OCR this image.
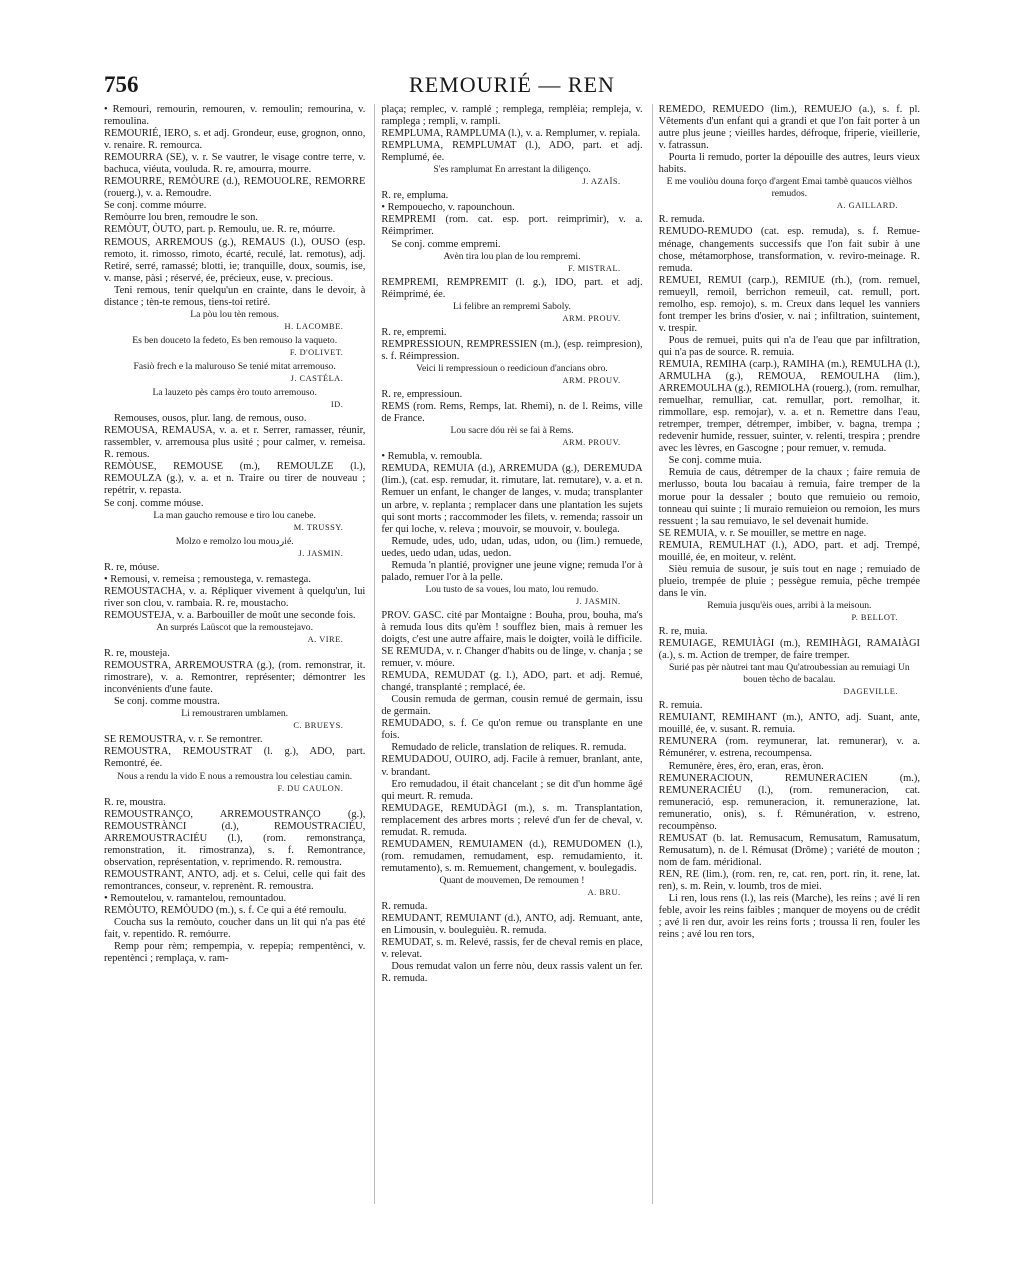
756	REMOURIÉ — REN

• Remouri, remourin, remouren, v. remoulin; remourina, v. remoulina.

REMOURIÉ, IERO, s. et adj. Grondeur, euse, grognon, onno, v. renaire. R. remourca.

REMOURRA (SE), v. r. Se vautrer, le visage contre terre, v. bachuca, viéuta, vouluda. R. re, amourra, mourre.

REMOURRE, REMÒURE (d.), REMOUOLRE, REMORRE (rouerg.), v. a. Remoudre.

Se conj. comme móurre.

Remòurre lou bren, remoudre le son.

REMÒUT, ÒUTO, part. p. Remoulu, ue. R. re, móurre.

REMOUS, ARREMOUS (g.), REMAUS (l.), OUSO (esp. remoto, it. rimosso, rimoto, écarté, reculé, lat. remotus), adj. Retiré, serré, ramassé; blotti, ie; tranquille, doux, soumis, ise, v. manse, pàsi ; réservé, ée, précieux, euse, v. precious.

Teni remous, tenir quelqu'un en crainte, dans le devoir, à distance ; tèn-te remous, tiens-toi retiré.

La pòu lou tèn remous.
H. LACOMBE.
Es ben douceto la fedeto, Es ben remouso la vaqueto.
F. D'OLIVET.
Fasiò frech e la malurouso Se tenié mitat arremouso.
J. CASTÉLA.
La lauzeto pès camps èro touto arremouso.
ID.

Remouses, ousos, plur. lang. de remous, ouso.

REMOUSA, REMAUSA, v. a. et r. Serrer, ramasser, réunir, rassembler, v. arremousa plus usité ; pour calmer, v. remeisa. R. remous.

REMÒUSE, REMOUSE (m.), REMOULZE (l.), REMOULZA (g.), v. a. et n. Traire ou tirer de nouveau ; repétrir, v. repasta.

Se conj. comme móuse.

La man gaucho remouse e tiro lou canebe.
M. TRUSSY.
Molzo e remolzo lou mouردié.
J. JASMIN.

R. re, móuse.

• Remousi, v. remeisa ; remoustega, v. remastega.

REMOUSTACHA, v. a. Répliquer vivement à quelqu'un, lui river son clou, v. rambaia. R. re, moustacho.

REMOUSTEJA, v. a. Barbouiller de moût une seconde fois.

An surprés Laüscot que la remoustejavo.
A. VIRE.

R. re, moustejа.

REMOUSTRA, ARREMOUSTRA (g.), (rom. remonstrar, it. rimostrare), v. a. Remontrer, représenter; démontrer les inconvénients d'une faute.

Se conj. comme moustra.

Li remoustraren umblamen.
C. BRUEYS.

SE REMOUSTRA, v. r. Se remontrer.

REMOUSTRA, REMOUSTRAT (l. g.), ADO, part. Remontré, ée.

Nous a rendu la vido E nous a remoustra lou celestiau camin.
F. DU CAULON.

R. re, moustra.

REMOUSTRANÇO, ARREMOUSTRANÇO (g.), REMOUSTRÀNCI (d.), REMOUSTRACIÉU, ARREMOUSTRACIÉU (l.), (rom. remonstrança, remonstration, it. rimostranza), s. f. Remontrance, observation, représentation, v. reprimendo. R. remoustra.

REMOUSTRANT, ANTO, adj. et s. Celui, celle qui fait des remontrances, conseur, v. reprenènt. R. remoustra.

• Remoutelou, v. ramantelou, remountadou.

REMÒUTO, REMÒUDO (m.), s. f. Ce qui a été remoulu.

Coucha sus la remòuto, coucher dans un lit qui n'a pas été fait, v. repentido. R. remóurre.

Remp pour rèm; rempempia, v. repepia; rempentènci, v. repentènci ; remplaça, v. ram-

plaça; remplec, v. ramplé ; remplega, remplèia; rempleja, v. ramplega ; rempli, v. rampli.

REMPLUMA, RAMPLUMA (l.), v. a. Remplumer, v. repiala.

REMPLUMA, REMPLUMAT (l.), ADO, part. et adj. Remplumé, ée.

S'es ramplumat En arrestant la diligenço.
J. AZAÏS.

R. re, empluma.

• Rempouecho, v. rapounchoun.

REMPREMI (rom. cat. esp. port. reimprimir), v. a. Réimprimer.

Se conj. comme empremi.

Avèn tira lou plan de lou rempremi.
F. MISTRAL.

REMPREMI, REMPREMIT (l. g.), IDO, part. et adj. Réimprimé, ée.

Li felibre an rempremi Saboly.
ARM. PROUV.

R. re, empremi.

REMPRESSIOUN, REMPRESSIEN (m.), (esp. reimpresion), s. f. Réimpression.

Veici li rempressioun o reedicioun d'ancians obro.
ARM. PROUV.

R. re, empressioun.

REMS (rom. Rems, Remps, lat. Rhemi), n. de l. Reims, ville de France.

Lou sacre dóu rèi se fai à Rems.
ARM. PROUV.

• Remubla, v. remoubla.

REMUDA, REMUIA (d.), ARREMUDA (g.), DEREMUDA (lim.), (cat. esp. remudar, it. rimutare, lat. remutare), v. a. et n. Remuer un enfant, le changer de langes, v. muda; transplanter un arbre, v. replanta ; remplacer dans une plantation les sujets qui sont morts ; raccommoder les filets, v. remenda; rassoir un fer qui loche, v. releva ; mouvoir, se mouvoir, v. boulega.

Remude, udes, udo, udan, udas, udon, ou (lim.) remuede, uedes, uedo udan, udas, uedon.

Remuda 'n plantié, provigner une jeune vigne; remuda l'or à palado, remuer l'or à la pelle.

Lou tusto de sa voues, lou mato, lou remudo.
J. JASMIN.

PROV. GASC. cité par Montaigne : Bouha, prou, bouha, ma's à remuda lous dits qu'èm ! soufflez bien, mais à remuer les doigts, c'est une autre affaire, mais le doigter, voilà le difficile.

SE REMUDA, v. r. Changer d'habits ou de linge, v. chanja ; se remuer, v. móure.

REMUDA, REMUDAT (g. l.), ADO, part. et adj. Remué, changé, transplanté ; remplacé, ée.

Cousin remuda de german, cousin remué de germain, issu de germain.

REMUDADO, s. f. Ce qu'on remue ou transplante en une fois.

Remudado de relicle, translation de reliques. R. remuda.

REMUDADOU, OUIRO, adj. Facile à remuer, branlant, ante, v. brandant.

Ero remudadou, il était chancelant ; se dit d'un homme âgé qui meurt. R. remuda.

REMUDAGE, REMUDÀGI (m.), s. m. Transplantation, remplacement des arbres morts ; relevé d'un fer de cheval, v. remudat. R. remuda.

REMUDAMEN, REMUIAMEN (d.), REMUDOMEN (l.), (rom. remudamen, remudament, esp. remudamiento, it. remutamento), s. m. Remuement, changement, v. boulegadis.

Quant de mouvemen, De remoumen !
A. BRU.

R. remuda.

REMUDANT, REMUIANT (d.), ANTO, adj. Remuant, ante, en Limousin, v. bouleguièu. R. remuda.

REMUDAT, s. m. Relevé, rassis, fer de cheval remis en place, v. relevat.

Dous remudat valon un ferre nòu, deux rassis valent un fer. R. remuda.

REMÉDO, REMUEDO (lim.), REMUEJO (a.), s. f. pl. Vêtements d'un enfant qui a grandi et que l'on fait porter à un autre plus jeune ; vieilles hardes, défroque, friperie, vieillerie, v. fatrassun.

Pourta li remudo, porter la dépouille des autres, leurs vieux habits.

E me vouliòu douna forço d'argent Emai tambè quaucos vièlhos remudos.
A. GAILLARD.

R. remuda.

REMUDO-REMUDO (cat. esp. remuda), s. f. Remue-ménage, changements successifs que l'on fait subir à une chose, métamorphose, transformation, v. reviro-meinage. R. remuda.

REMUEI, REMUI (carp.), REMIUE (rh.), (rom. remuel, remueyll, remoil, berrichon remeuil, cat. remull, port. remolho, esp. remojo), s. m. Creux dans lequel les vanniers font tremper les brins d'osier, v. nai ; infiltration, suintement, v. trespir.

Pous de remuei, puits qui n'a de l'eau que par infiltration, qui n'a pas de source. R. remuia.

REMUIA, REMIHA (carp.), RAMIHA (m.), REMULHA (l.), ARMULHA (g.), REMOUA, REMOULHA (lim.), ARREMOULHA (g.), REMIOLHA (rouerg.), (rom. remulhar, remuelhar, remulliar, cat. remullar, port. remolhar, it. rimmollare, esp. remojar), v. a. et n. Remettre dans l'eau, retremper, tremper, détremper, imbiber, v. bagna, trempa ; redevenir humide, ressuer, suinter, v. relenti, trespira ; prendre avec les lèvres, en Gascogne ; pour remuer, v. remuda.

Se conj. comme muia.

Remuia de caus, détremper de la chaux ; faire remuia de merlusso, bouta lou bacaiau à remuia, faire tremper de la morue pour la dessaler ; bouto que remuieio ou remoio, tonneau qui suinte ; li muraio remuieion ou remoion, les murs ressuent ; la sau remuiavo, le sel devenait humide.

SE REMUIA, v. r. Se mouiller, se mettre en nage.

REMUIA, REMULHAT (l.), ADO, part. et adj. Trempé, mouillé, ée, en moiteur, v. relènt.

Sièu remuia de susour, je suis tout en nage ; remuiado de plueio, trempée de pluie ; pessègue remuia, pêche trempée dans le vin.

Remuia jusqu'èis oues, arribi à la meisoun.
P. BELLOT.

R. re, muia.

REMUIAGE, REMUIÀGI (m.), REMIHÀGI, RAMAIÀGI (a.), s. m. Action de tremper, de faire tremper.

Surié pas pèr nàutrei tant mau Qu'atroubessian au remuiagi Un bouen tècho de bacalau.
DAGEVILLE.

R. remuia.

REMUIANT, REMIHANT (m.), ANTO, adj. Suant, ante, mouillé, ée, v. susant. R. remuia.

REMUNERA (rom. reymunerar, lat. remunerar), v. a. Rémunérer, v. estrena, recoumpensa.

Remunère, ères, èro, eran, eras, èron.

REMUNERACIOUN, REMUNERACIEN (m.), REMUNERACIÉU (l.), (rom. remuneracion, cat. remuneració, esp. remuneracion, it. remunerazione, lat. remuneratio, onis), s. f. Rémunération, v. estreno, recoumpènso.

REMUSAT (b. lat. Remusacum, Remusatum, Ramusatum, Remusatum), n. de l. Rémusat (Drôme) ; variété de mouton ; nom de fam. méridional.

REN, RE (lim.), (rom. ren, re, cat. ren, port. rin, it. rene, lat. ren), s. m. Rein, v. loumb, tros de miei.

Li ren, lous rens (l.), las reis (Marche), les reins ; avé li ren feble, avoir les reins faibles ; manquer de moyens ou de crédit ; avé li ren dur, avoir les reins forts ; troussa li ren, fouler les reins ; avé lou ren tors,
